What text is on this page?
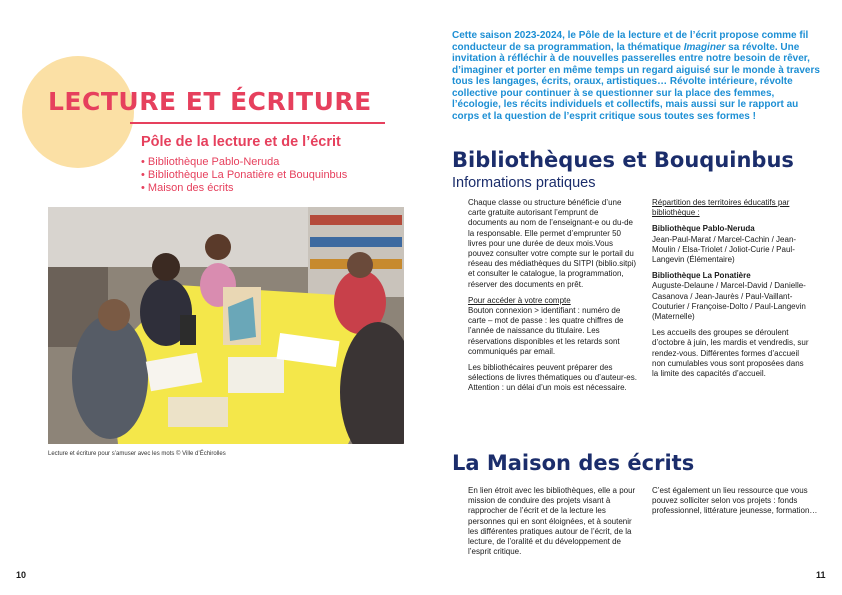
LECTURE ET ÉCRITURE
Pôle de la lecture et de l’écrit
• Bibliothèque Pablo-Neruda
• Bibliothèque La Ponatière et Bouquinbus
• Maison des écrits
Lecture et écriture pour s’amuser avec les mots © Ville d’Échirolles
10
Cette saison 2023-2024, le Pôle de la lecture et de l’écrit propose comme fil conducteur de sa programmation, la thématique Imaginer sa révolte. Une invitation à réfléchir à de nouvelles passerelles entre notre besoin de rêver, d’imaginer et porter en même temps un regard aiguisé sur le monde à travers tous les langages, écrits, oraux, artistiques… Révolte intérieure, révolte collective pour continuer à se questionner sur la place des femmes, l’écologie, les récits individuels et collectifs, mais aussi sur le rapport au corps et la question de l’esprit critique sous toutes ses formes !
Bibliothèques et Bouquinbus
Informations pratiques

Chaque classe ou structure bénéficie d’une carte gratuite autorisant l’emprunt de documents au nom de l’enseignant-e ou du-de la responsable. Elle permet d’emprunter 50 livres pour une durée de deux mois.Vous pouvez consulter votre compte sur le portail du réseau des médiathèques du SITPI (biblio.sitpi) et consulter le catalogue, la programmation, réserver des documents en prêt.

Pour accéder à votre compte

Bouton connexion > identifiant : numéro de carte – mot de passe : les quatre chiffres de l’année de naissance du titulaire. Les réservations disponibles et les retards sont communiqués par email.

Les bibliothécaires peuvent préparer des sélections de livres thématiques ou d’auteur-es.

Attention : un délai d’un mois est nécessaire.

Répartition des territoires éducatifs par bibliothèque :

Bibliothèque Pablo-Neruda

Jean-Paul-Marat / Marcel-Cachin / Jean-Moulin / Elsa-Triolet / Joliot-Curie / Paul-Langevin (Élémentaire)

Bibliothèque La Ponatière

Auguste-Delaune / Marcel-David / Danielle-Casanova / Jean-Jaurès / Paul-Vaillant-Couturier / Françoise-Dolto / Paul-Langevin (Maternelle)

Les accueils des groupes se déroulent d’octobre à juin, les mardis et vendredis, sur rendez-vous. Différentes formes d’accueil non cumulables vous sont proposées dans la limite des capacités d’accueil.

La Maison des écrits
En lien étroit avec les bibliothèques, elle a pour mission de conduire des projets visant à rapprocher de l’écrit et de la lecture les personnes qui en sont éloignées, et à soutenir les différentes pratiques autour de l’écrit, de la lecture, de l’oralité et du développement de l’esprit critique.
C’est également un lieu ressource que vous pouvez solliciter selon vos projets : fonds professionnel, littérature jeunesse, formation…
11
